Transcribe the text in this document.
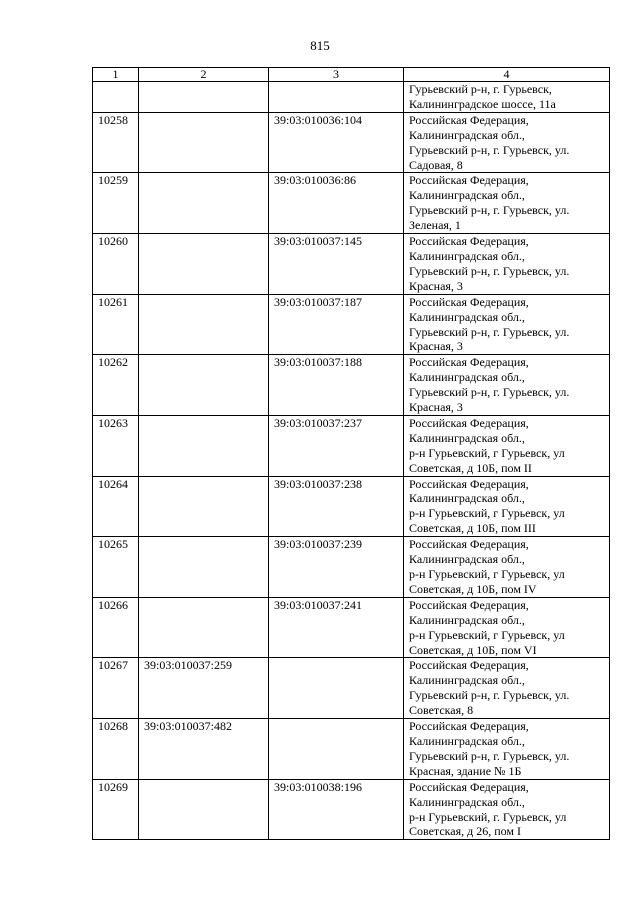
815
1	2	3	4

			Гурьевский р-н, г. Гурьевск,
Калининградское шоссе, 11а

10258		39:03:010036:104	Российская Федерация,
Калининградская обл.,
Гурьевский р-н, г. Гурьевск, ул.
Садовая, 8

10259		39:03:010036:86	Российская Федерация,
Калининградская обл.,
Гурьевский р-н, г. Гурьевск, ул.
Зеленая, 1

10260		39:03:010037:145	Российская Федерация,
Калининградская обл.,
Гурьевский р-н, г. Гурьевск, ул.
Красная, 3

10261		39:03:010037:187	Российская Федерация,
Калининградская обл.,
Гурьевский р-н, г. Гурьевск, ул.
Красная, 3

10262		39:03:010037:188	Российская Федерация,
Калининградская обл.,
Гурьевский р-н, г. Гурьевск, ул.
Красная, 3

10263		39:03:010037:237	Российская Федерация,
Калининградская обл.,
р-н Гурьевский, г Гурьевск, ул
Советская, д 10Б, пом II

10264		39:03:010037:238	Российская Федерация,
Калининградская обл.,
р-н Гурьевский, г Гурьевск, ул
Советская, д 10Б, пом III

10265		39:03:010037:239	Российская Федерация,
Калининградская обл.,
р-н Гурьевский, г Гурьевск, ул
Советская, д 10Б, пом IV

10266		39:03:010037:241	Российская Федерация,
Калининградская обл.,
р-н Гурьевский, г Гурьевск, ул
Советская, д 10Б, пом VI

10267	39:03:010037:259		Российская Федерация,
Калининградская обл.,
Гурьевский р-н, г. Гурьевск, ул.
Советская, 8

10268	39:03:010037:482		Российская Федерация,
Калининградская обл.,
Гурьевский р-н, г. Гурьевск, ул.
Красная, здание № 1Б

10269		39:03:010038:196	Российская Федерация,
Калининградская обл.,
р-н Гурьевский, г. Гурьевск, ул
Советская, д 26, пом I
